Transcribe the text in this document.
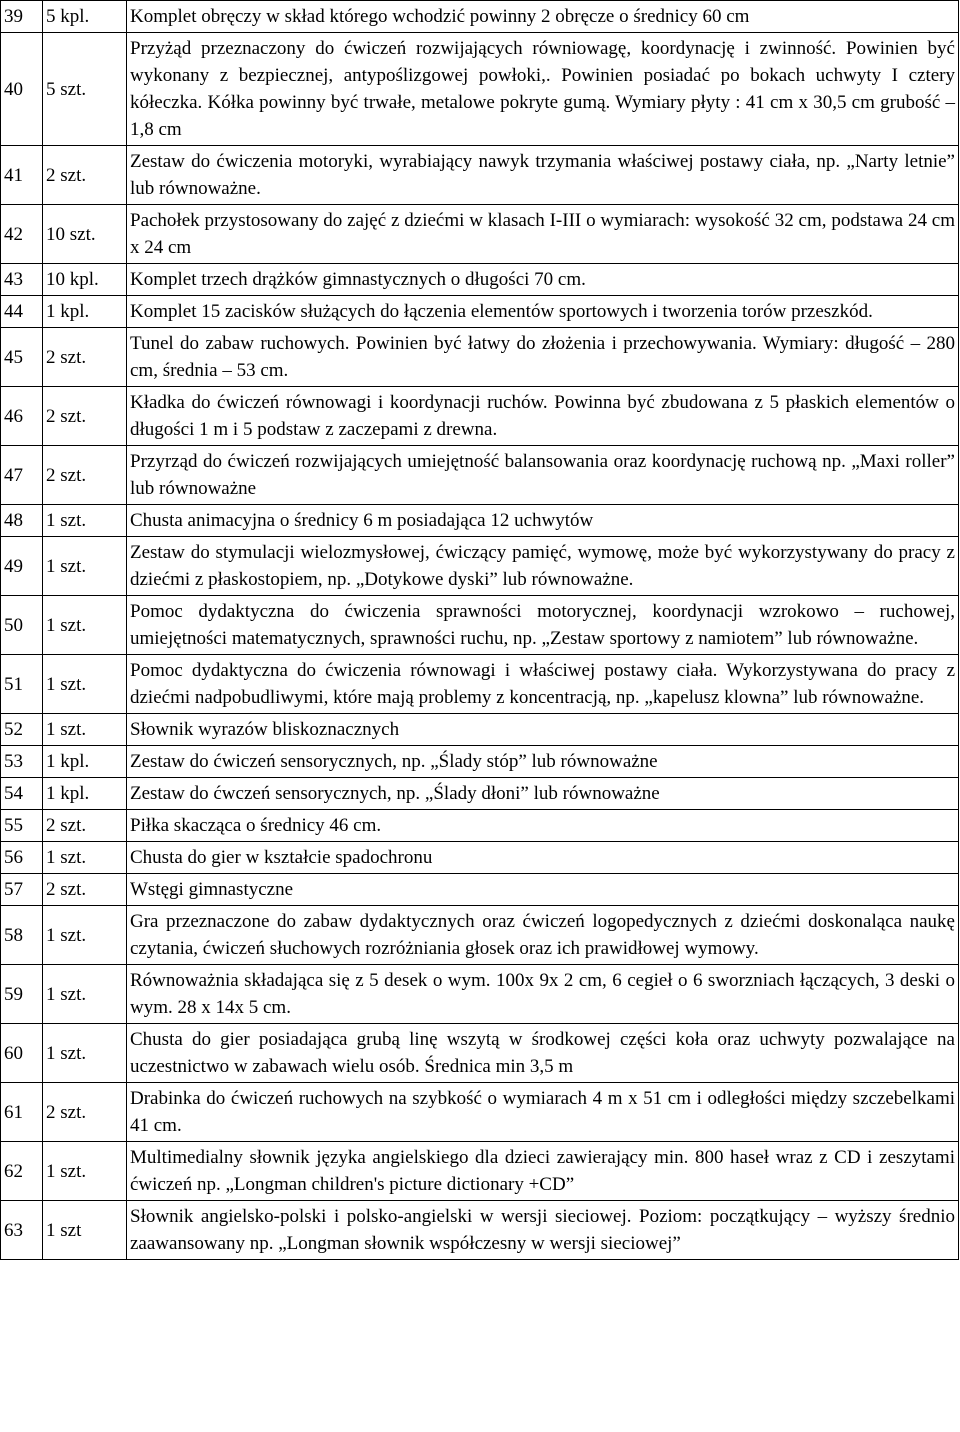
39	5 kpl.	Komplet obręczy w skład którego wchodzić powinny 2 obręcze o średnicy 60 cm
40	5 szt.	Przyżąd przeznaczony do ćwiczeń rozwijających równiowagę, koordynację i zwinność. Powinien być wykonany z bezpiecznej, antypoślizgowej powłoki,. Powinien posiadać po bokach uchwyty I cztery kółeczka. Kółka powinny być trwałe, metalowe pokryte gumą. Wymiary płyty : 41 cm x 30,5 cm grubość – 1,8 cm
41	2 szt.	Zestaw do ćwiczenia motoryki, wyrabiający nawyk trzymania właściwej postawy ciała, np. „Narty letnie” lub równoważne.
42	10 szt.	Pachołek przystosowany do zajęć z dziećmi w klasach I-III o wymiarach: wysokość 32 cm, podstawa 24 cm x 24 cm
43	10 kpl.	Komplet trzech drążków gimnastycznych o długości 70 cm.
44	1 kpl.	Komplet 15 zacisków służących do łączenia elementów sportowych i tworzenia torów przeszkód.
45	2 szt.	Tunel do zabaw ruchowych. Powinien być łatwy do złożenia i przechowywania. Wymiary: długość – 280 cm, średnia – 53 cm.
46	2 szt.	Kładka do ćwiczeń równowagi i koordynacji ruchów. Powinna być zbudowana z 5 płaskich elementów o długości 1 m i 5 podstaw z zaczepami z drewna.
47	2 szt.	Przyrząd do ćwiczeń rozwijających umiejętność balansowania oraz koordynację ruchową np. „Maxi roller” lub równoważne
48	1 szt.	Chusta animacyjna o średnicy 6 m posiadająca 12 uchwytów
49	1 szt.	Zestaw do stymulacji wielozmysłowej, ćwiczący pamięć, wymowę, może być wykorzystywany do pracy z dziećmi z płaskostopiem, np. „Dotykowe dyski” lub równoważne.
50	1 szt.	Pomoc dydaktyczna do ćwiczenia sprawności motorycznej, koordynacji wzrokowo – ruchowej, umiejętności matematycznych, sprawności ruchu, np. „Zestaw sportowy z namiotem” lub równoważne.
51	1 szt.	Pomoc dydaktyczna do ćwiczenia równowagi i właściwej postawy ciała. Wykorzystywana do pracy z dziećmi nadpobudliwymi, które mają problemy z koncentracją, np. „kapelusz klowna” lub równoważne.
52	1 szt.	Słownik wyrazów bliskoznacznych
53	1 kpl.	Zestaw do ćwiczeń sensorycznych, np. „Ślady stóp” lub równoważne
54	1 kpl.	Zestaw do ćwczeń sensorycznych, np. „Ślady dłoni” lub równoważne
55	2 szt.	Piłka skacząca o średnicy 46 cm.
56	1 szt.	Chusta do gier w kształcie spadochronu
57	2 szt.	Wstęgi gimnastyczne
58	1 szt.	Gra przeznaczone do zabaw dydaktycznych oraz ćwiczeń logopedycznych z dziećmi doskonaląca naukę czytania, ćwiczeń słuchowych rozróżniania głosek oraz ich prawidłowej wymowy.
59	1 szt.	Równoważnia składająca się z 5 desek o wym. 100x 9x 2 cm, 6 cegieł o 6 sworzniach łączących, 3 deski o wym. 28 x 14x 5 cm.
60	1 szt.	Chusta do gier posiadająca grubą linę wszytą w środkowej części koła oraz uchwyty pozwalające na uczestnictwo w zabawach wielu osób. Średnica min 3,5 m
61	2 szt.	Drabinka do ćwiczeń ruchowych na szybkość o wymiarach 4 m x 51 cm i odległości między szczebelkami 41 cm.
62	1 szt.	Multimedialny słownik języka angielskiego dla dzieci zawierający min. 800 haseł wraz z CD i zeszytami ćwiczeń np. „Longman children's picture dictionary +CD”
63	1 szt	Słownik angielsko-polski i polsko-angielski w wersji sieciowej. Poziom: początkujący – wyższy średnio zaawansowany np. „Longman słownik współczesny w wersji sieciowej”
